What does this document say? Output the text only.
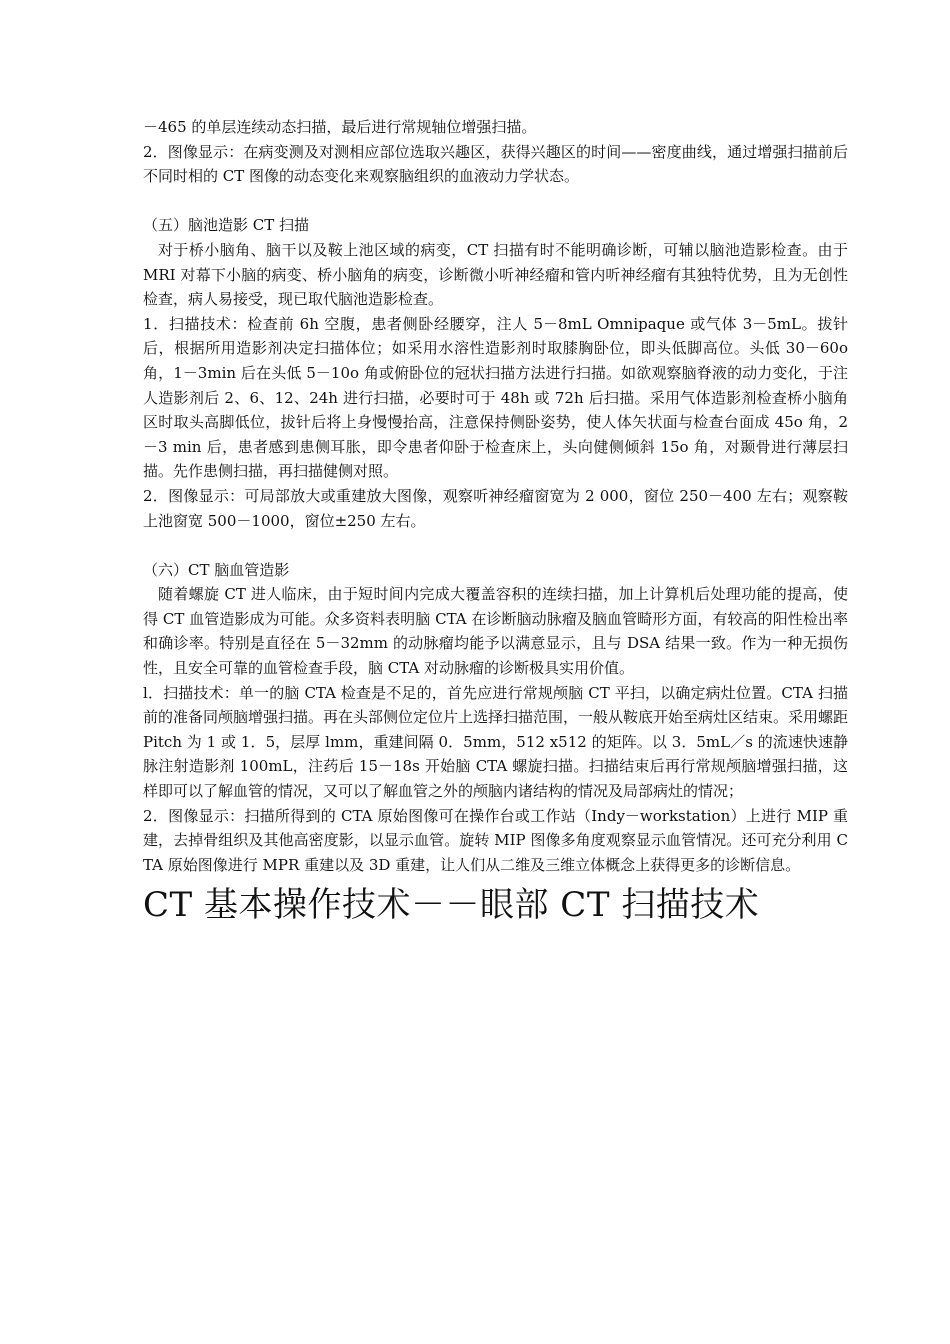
－465 的单层连续动态扫描，最后进行常规轴位增强扫描。

2．图像显示：在病变测及对测相应部位选取兴趣区，获得兴趣区的时间——密度曲线，通过增强扫描前后不同时相的 CT 图像的动态变化来观察脑组织的血液动力学状态。

（五）脑池造影 CT 扫描

对于桥小脑角、脑干以及鞍上池区域的病变，CT 扫描有时不能明确诊断，可辅以脑池造影检查。由于 MRI 对幕下小脑的病变、桥小脑角的病变，诊断微小听神经瘤和管内听神经瘤有其独特优势，且为无创性检查，病人易接受，现已取代脑池造影检查。

1．扫描技术：检查前 6h 空腹，患者侧卧经腰穿，注人 5－8mL Omnipaque 或气体 3－5mL。拔针后，根据所用造影剂决定扫描体位；如采用水溶性造影剂时取膝胸卧位，即头低脚高位。头低 30－60o 角，1－3min 后在头低 5－10o 角或俯卧位的冠状扫描方法进行扫描。如欲观察脑脊液的动力变化，于注人造影剂后 2、6、12、24h 进行扫描，必要时可于 48h 或 72h 后扫描。采用气体造影剂检查桥小脑角区时取头高脚低位，拔针后将上身慢慢抬高，注意保持侧卧姿势，使人体矢状面与检查台面成 45o 角，2－3 min 后，患者感到患侧耳胀，即令患者仰卧于检查床上，头向健侧倾斜 15o 角，对颞骨进行薄层扫描。先作患侧扫描，再扫描健侧对照。

2．图像显示：可局部放大或重建放大图像，观察听神经瘤窗宽为 2 000，窗位 250－400 左右；观察鞍上池窗宽 500－1000，窗位±250 左右。

（六）CT 脑血管造影

随着螺旋 CT 进人临床，由于短时间内完成大覆盖容积的连续扫描，加上计算机后处理功能的提高，使得 CT 血管造影成为可能。众多资料表明脑 CTA 在诊断脑动脉瘤及脑血管畸形方面，有较高的阳性检出率和确诊率。特别是直径在 5－32mm 的动脉瘤均能予以满意显示，且与 DSA 结果一致。作为一种无损伤性，且安全可靠的血管检查手段，脑 CTA 对动脉瘤的诊断极具实用价值。

l．扫描技术：单一的脑 CTA 检查是不足的，首先应进行常规颅脑 CT 平扫，以确定病灶位置。CTA 扫描前的准备同颅脑增强扫描。再在头部侧位定位片上选择扫描范围，一般从鞍底开始至病灶区结束。采用螺距 Pitch 为 1 或 1．5，层厚 lmm，重建间隔 0．5mm，512 x512 的矩阵。以 3．5mL／s 的流速快速静脉注射造影剂 100mL，注药后 15－18s 开始脑 CTA 螺旋扫描。扫描结束后再行常规颅脑增强扫描，这样即可以了解血管的情况，又可以了解血管之外的颅脑内诸结构的情况及局部病灶的情况；

2．图像显示：扫描所得到的 CTA 原始图像可在操作台或工作站（Indy－workstation）上进行 MIP 重建，去掉骨组织及其他高密度影，以显示血管。旋转 MIP 图像多角度观察显示血管情况。还可充分利用 CTA 原始图像进行 MPR 重建以及 3D 重建，让人们从二维及三维立体概念上获得更多的诊断信息。

CT 基本操作技术－－眼部 CT 扫描技术
